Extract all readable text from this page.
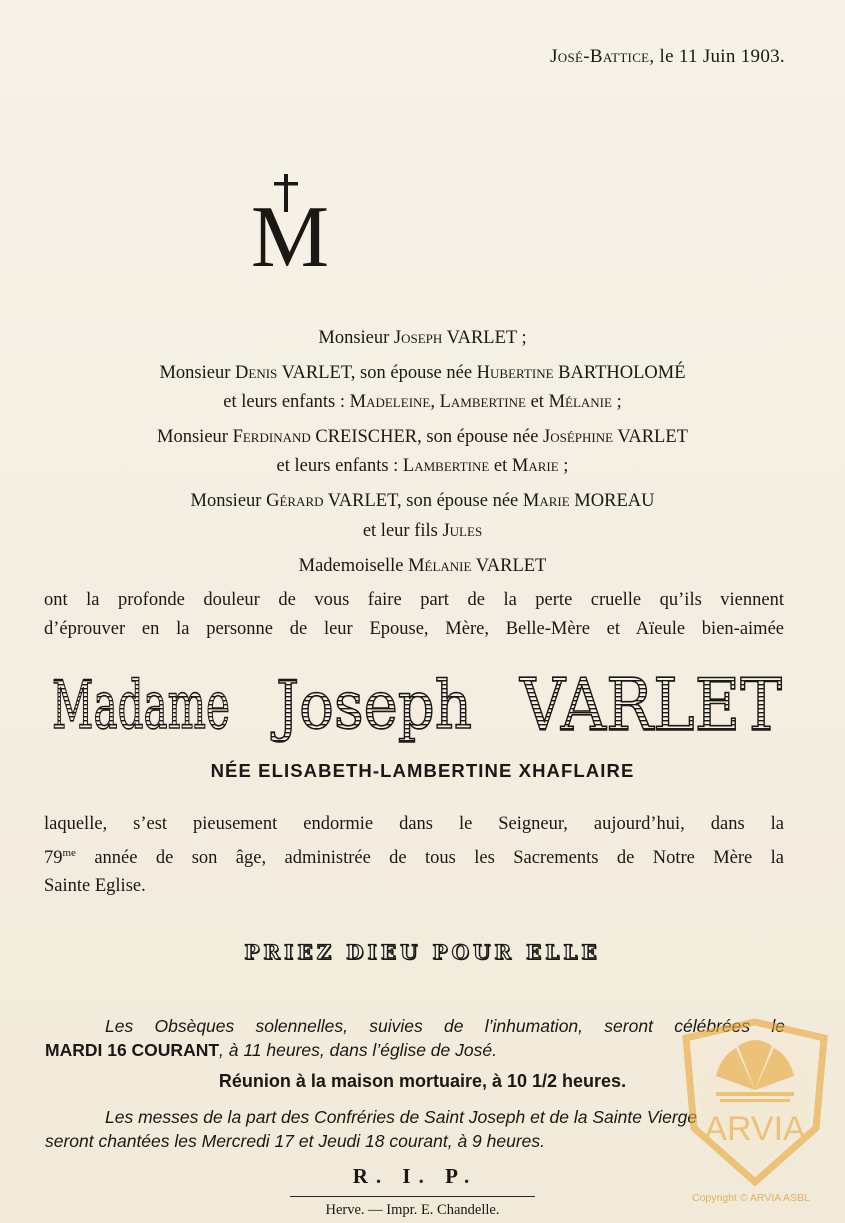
José-Battice, le 11 Juin 1903.
M
Monsieur Joseph VARLET ;
Monsieur Denis VARLET, son épouse née Hubertine BARTHOLOMÉ
et leurs enfants : Madeleine, Lambertine et Mélanie ;
Monsieur Ferdinand CREISCHER, son épouse née Joséphine VARLET
et leurs enfants : Lambertine et Marie ;
Monsieur Gérard VARLET, son épouse née Marie MOREAU
et leur fils Jules
Mademoiselle Mélanie VARLET
ont la profonde douleur de vous faire part de la perte cruelle qu’ils viennent
d’éprouver en la personne de leur Epouse, Mère, Belle-Mère et Aïeule bien-aimée
Madame Joseph VARLET
NÉE ELISABETH-LAMBERTINE XHAFLAIRE
laquelle, s’est pieusement endormie dans le Seigneur, aujourd’hui, dans la
$79^{me}$ année de son âge, administrée de tous les Sacrements de Notre Mère la
Sainte Eglise.
PRIEZ DIEU POUR ELLE
Les Obsèques solennelles, suivies de l’inhumation, seront célébrées le
MARDI 16 COURANT, à 11 heures, dans l’église de José.
Réunion à la maison mortuaire, à 10 1/2 heures.
Les messes de la part des Confréries de Saint Joseph et de la Sainte Vierge
seront chantées les Mercredi 17 et Jeudi 18 courant, à 9 heures.
R. I. P.
Herve. — Impr. E. Chandelle.
ARVIA
Copyright © ARVIA ASBL
